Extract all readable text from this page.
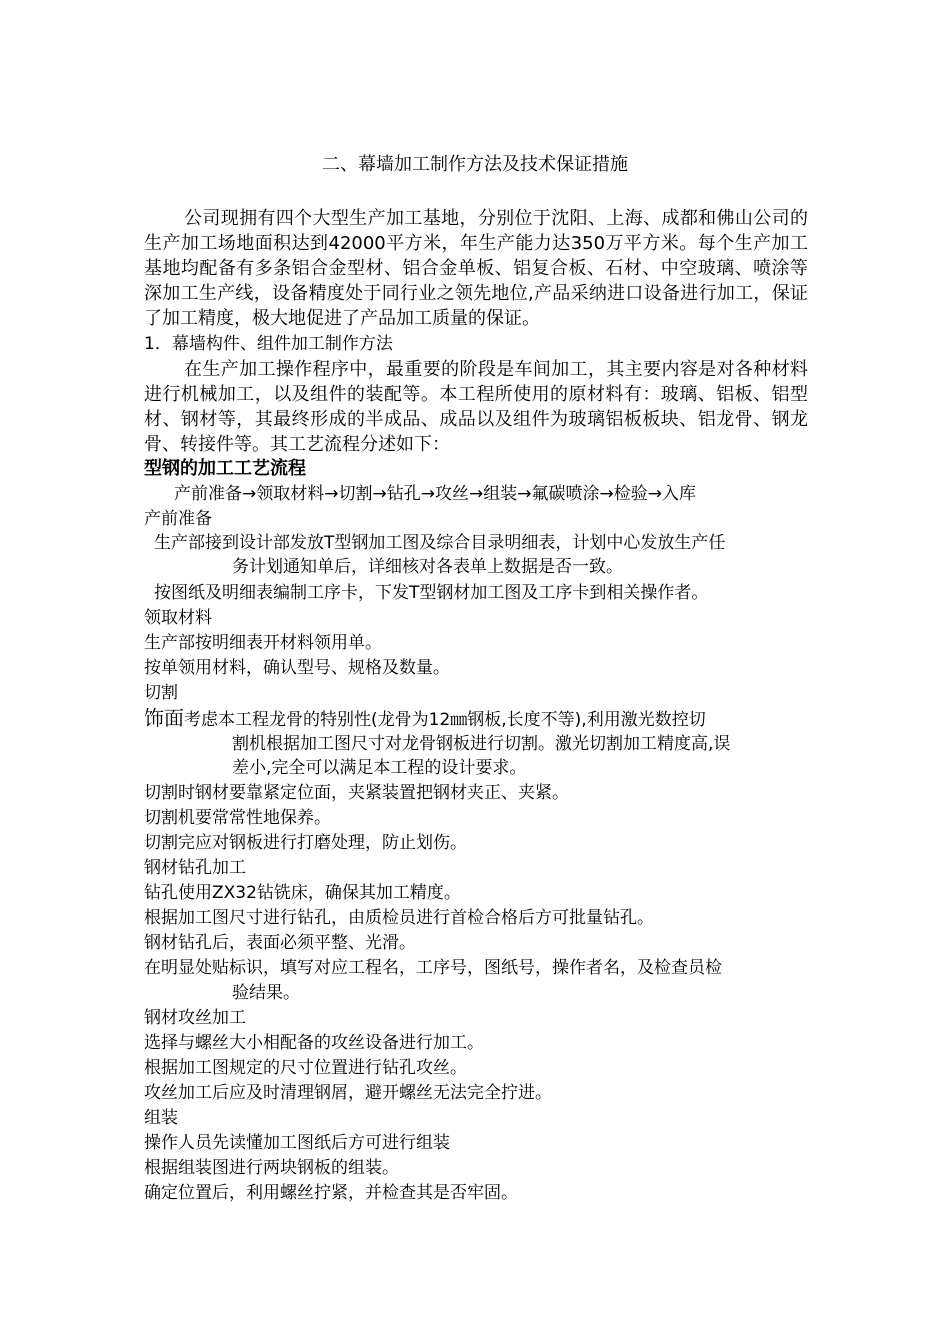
二、幕墙加工制作方法及技术保证措施
公司现拥有四个大型生产加工基地，分别位于沈阳、上海、成都和佛山公司的生产加工场地面积达到42000平方米，年生产能力达350万平方米。每个生产加工基地均配备有多条铝合金型材、铝合金单板、铝复合板、石材、中空玻璃、喷涂等深加工生产线，设备精度处于同行业之领先地位,产品采纳进口设备进行加工，保证了加工精度，极大地促进了产品加工质量的保证。
1．幕墙构件、组件加工制作方法
在生产加工操作程序中，最重要的阶段是车间加工，其主要内容是对各种材料进行机械加工，以及组件的装配等。本工程所使用的原材料有：玻璃、铝板、铝型材、钢材等，其最终形成的半成品、成品以及组件为玻璃铝板板块、铝龙骨、钢龙骨、转接件等。其工艺流程分述如下：
型钢的加工工艺流程
产前准备→领取材料→切割→钻孔→攻丝→组装→氟碳喷涂→检验→入库
产前准备
生产部接到设计部发放T型钢加工图及综合目录明细表，计划中心发放生产任
务计划通知单后，详细核对各表单上数据是否一致。
按图纸及明细表编制工序卡，下发T型钢材加工图及工序卡到相关操作者。
领取材料
生产部按明细表开材料领用单。
按单领用材料，确认型号、规格及数量。
切割
饰面考虑本工程龙骨的特别性(龙骨为12㎜钢板,长度不等),利用激光数控切
割机根据加工图尺寸对龙骨钢板进行切割。激光切割加工精度高,误
差小,完全可以满足本工程的设计要求。
切割时钢材要靠紧定位面，夹紧装置把钢材夹正、夹紧。
切割机要常常性地保养。
切割完应对钢板进行打磨处理，防止划伤。
钢材钻孔加工
钻孔使用ZX32钻铣床，确保其加工精度。
根据加工图尺寸进行钻孔，由质检员进行首检合格后方可批量钻孔。
钢材钻孔后，表面必须平整、光滑。
在明显处贴标识，填写对应工程名，工序号，图纸号，操作者名，及检查员检
验结果。
钢材攻丝加工
选择与螺丝大小相配备的攻丝设备进行加工。
根据加工图规定的尺寸位置进行钻孔攻丝。
攻丝加工后应及时清理钢屑，避开螺丝无法完全拧进。
组装
操作人员先读懂加工图纸后方可进行组装
根据组装图进行两块钢板的组装。
确定位置后，利用螺丝拧紧，并检查其是否牢固。
